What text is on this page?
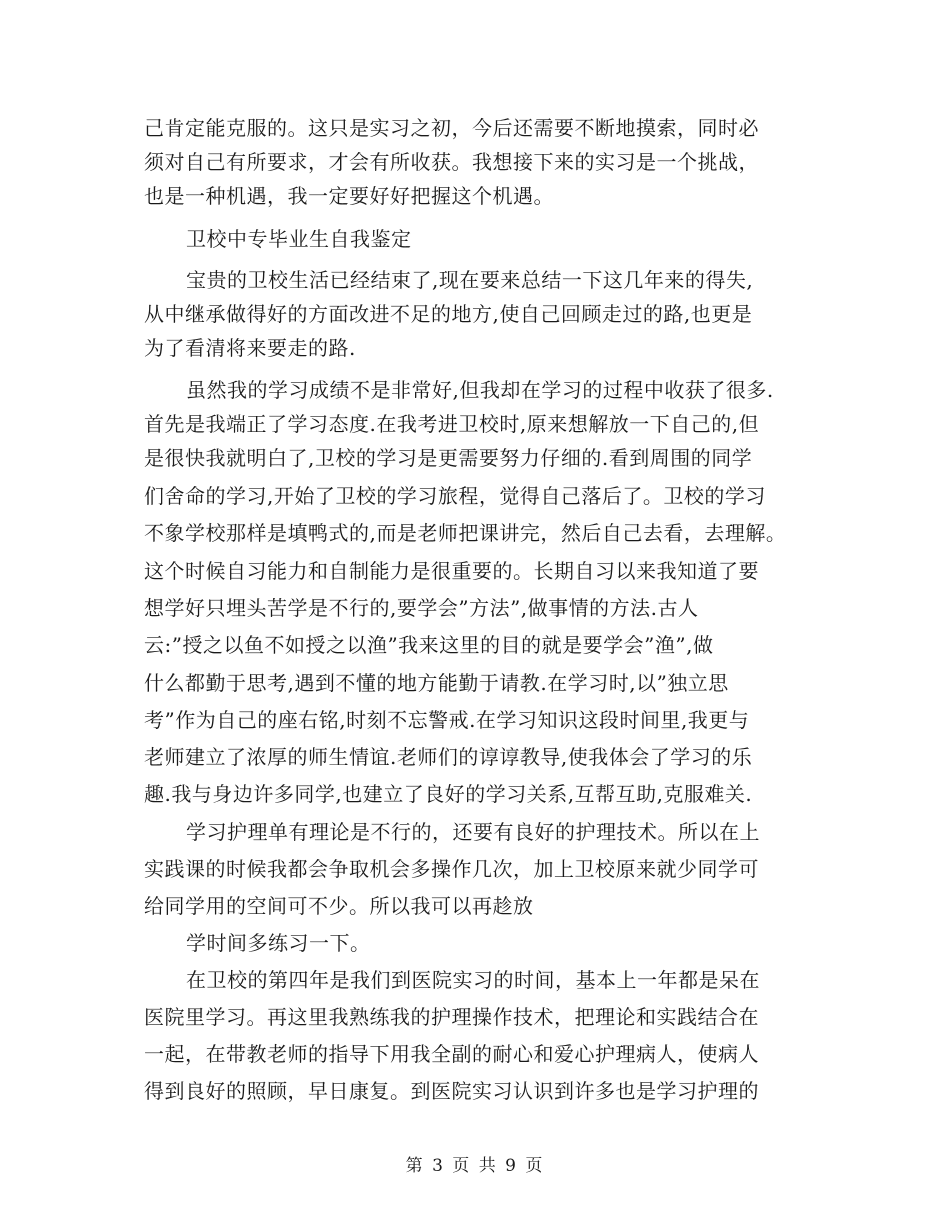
己肯定能克服的。这只是实习之初，今后还需要不断地摸索，同时必
须对自己有所要求，才会有所收获。我想接下来的实习是一个挑战，
也是一种机遇，我一定要好好把握这个机遇。
卫校中专毕业生自我鉴定
宝贵的卫校生活已经结束了,现在要来总结一下这几年来的得失,
从中继承做得好的方面改进不足的地方,使自己回顾走过的路,也更是
为了看清将来要走的路.
虽然我的学习成绩不是非常好,但我却在学习的过程中收获了很多.
首先是我端正了学习态度.在我考进卫校时,原来想解放一下自己的,但
是很快我就明白了,卫校的学习是更需要努力仔细的.看到周围的同学
们舍命的学习,开始了卫校的学习旅程，觉得自己落后了。卫校的学习
不象学校那样是填鸭式的,而是老师把课讲完，然后自己去看，去理解。
这个时候自习能力和自制能力是很重要的。长期自习以来我知道了要
想学好只埋头苦学是不行的,要学会”方法”,做事情的方法.古人
云:”授之以鱼不如授之以渔”我来这里的目的就是要学会”渔”,做
什么都勤于思考,遇到不懂的地方能勤于请教.在学习时,以”独立思
考”作为自己的座右铭,时刻不忘警戒.在学习知识这段时间里,我更与
老师建立了浓厚的师生情谊.老师们的谆谆教导,使我体会了学习的乐
趣.我与身边许多同学,也建立了良好的学习关系,互帮互助,克服难关.
学习护理单有理论是不行的，还要有良好的护理技术。所以在上
实践课的时候我都会争取机会多操作几次，加上卫校原来就少同学可
给同学用的空间可不少。所以我可以再趁放
学时间多练习一下。
在卫校的第四年是我们到医院实习的时间，基本上一年都是呆在
医院里学习。再这里我熟练我的护理操作技术，把理论和实践结合在
一起，在带教老师的指导下用我全副的耐心和爱心护理病人，使病人
得到良好的照顾，早日康复。到医院实习认识到许多也是学习护理的
第 3 页 共 9 页
